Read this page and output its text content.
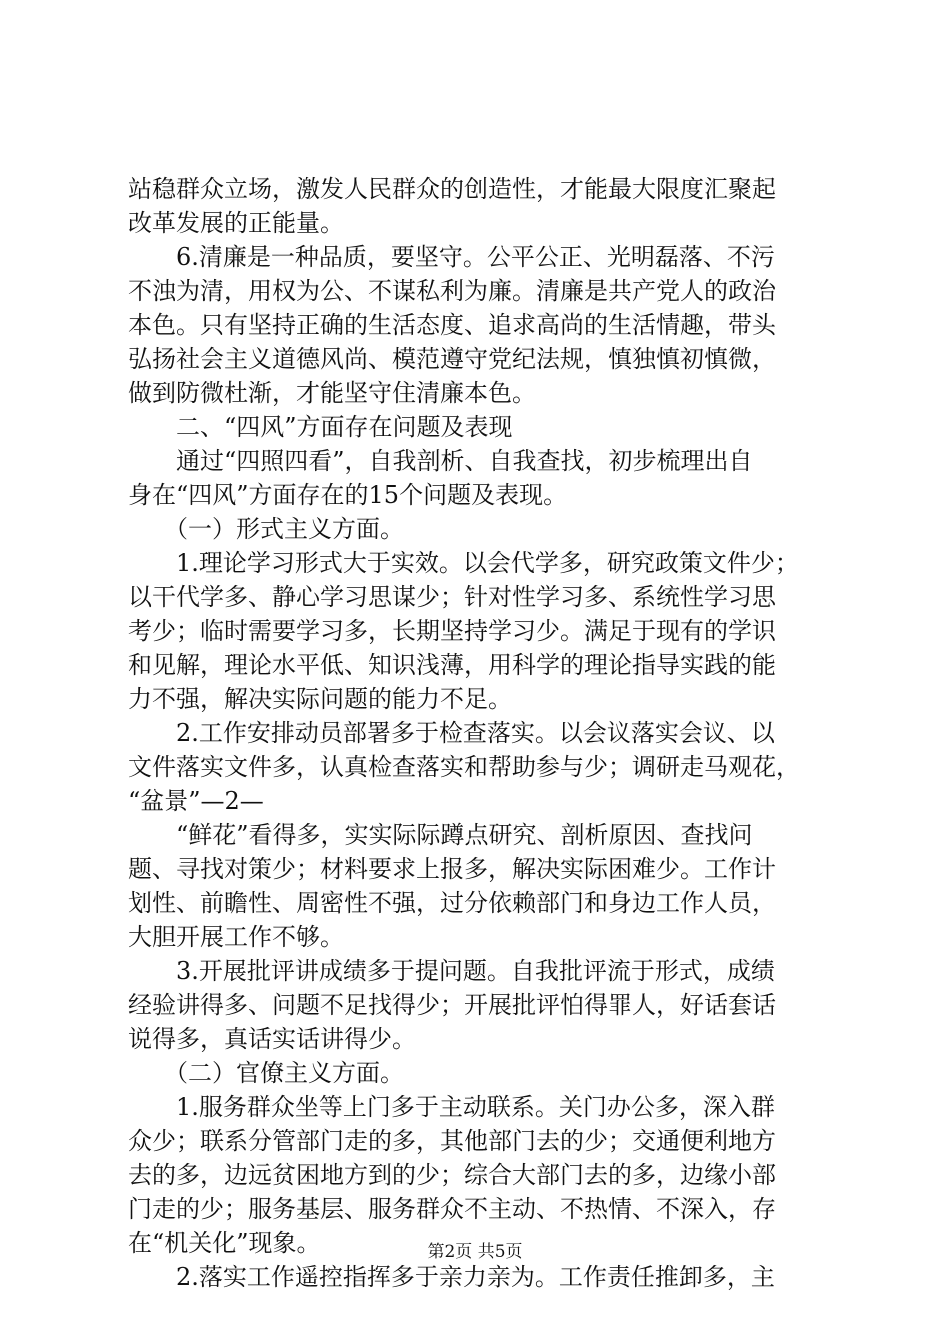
站稳群众立场，激发人民群众的创造性，才能最大限度汇聚起
改革发展的正能量。
　　6.清廉是一种品质，要坚守。公平公正、光明磊落、不污
不浊为清，用权为公、不谋私利为廉。清廉是共产党人的政治
本色。只有坚持正确的生活态度、追求高尚的生活情趣，带头
弘扬社会主义道德风尚、模范遵守党纪法规，慎独慎初慎微，
做到防微杜渐，才能坚守住清廉本色。
　　二、“四风”方面存在问题及表现
　　通过“四照四看”，自我剖析、自我查找，初步梳理出自
身在“四风”方面存在的15个问题及表现。
　　（一）形式主义方面。
　　1.理论学习形式大于实效。以会代学多，研究政策文件少；
以干代学多、静心学习思谋少；针对性学习多、系统性学习思
考少；临时需要学习多，长期坚持学习少。满足于现有的学识
和见解，理论水平低、知识浅薄，用科学的理论指导实践的能
力不强，解决实际问题的能力不足。
　　2.工作安排动员部署多于检查落实。以会议落实会议、以
文件落实文件多，认真检查落实和帮助参与少；调研走马观花，
“盆景”—2—
　　“鲜花”看得多，实实际际蹲点研究、剖析原因、查找问
题、寻找对策少；材料要求上报多，解决实际困难少。工作计
划性、前瞻性、周密性不强，过分依赖部门和身边工作人员，
大胆开展工作不够。
　　3.开展批评讲成绩多于提问题。自我批评流于形式，成绩
经验讲得多、问题不足找得少；开展批评怕得罪人，好话套话
说得多，真话实话讲得少。
　　（二）官僚主义方面。
　　1.服务群众坐等上门多于主动联系。关门办公多，深入群
众少；联系分管部门走的多，其他部门去的少；交通便利地方
去的多，边远贫困地方到的少；综合大部门去的多，边缘小部
门走的少；服务基层、服务群众不主动、不热情、不深入，存
在“机关化”现象。
　　2.落实工作遥控指挥多于亲力亲为。工作责任推卸多，主
第2页 共5页
